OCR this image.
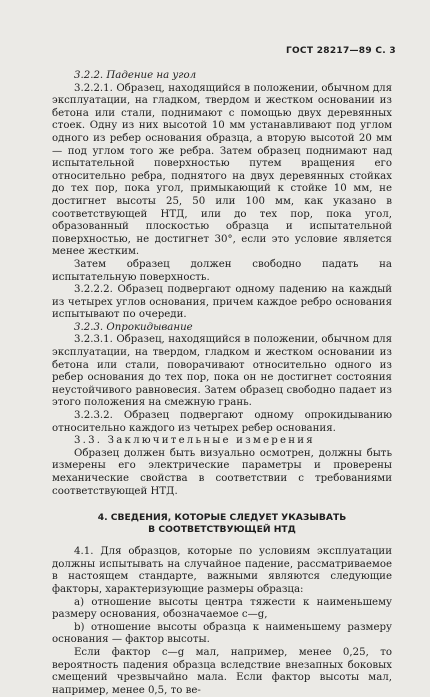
ГОСТ 28217—89 С. 3

3.2.2. Падение на угол

3.2.2.1. Образец, находящийся в положении, обычном для эксплуатации, на гладком, твердом и жестком основании из бетона или стали, поднимают с помощью двух деревянных стоек. Одну из них высотой 10 мм устанавливают под углом одного из ребер основания образца, а вторую высотой 20 мм — под углом того же ребра. Затем образец поднимают над испытательной поверхностью путем вращения его относительно ребра, поднятого на двух деревянных стойках до тех пор, пока угол, примыкающий к стойке 10 мм, не достигнет высоты 25, 50 или 100 мм, как указано в соответствующей НТД, или до тех пор, пока угол, образованный плоскостью образца и испытательной поверхностью, не достигнет 30°, если это условие является менее жестким.

Затем образец должен свободно падать на испытательную поверхность.

3.2.2.2. Образец подвергают одному падению на каждый из четырех углов основания, причем каждое ребро основания испытывают по очереди.

3.2.3. Опрокидывание

3.2.3.1. Образец, находящийся в положении, обычном для эксплуатации, на твердом, гладком и жестком основании из бетона или стали, поворачивают относительно одного из ребер основания до тех пор, пока он не достигнет состояния неустойчивого равновесия. Затем образец свободно падает из этого положения на смежную грань.

3.2.3.2. Образец подвергают одному опрокидыванию относительно каждого из четырех ребер основания.

3.3. Заключительные измерения

Образец должен быть визуально осмотрен, должны быть измерены его электрические параметры и проверены механические свойства в соответствии с требованиями соответствующей НТД.

4. СВЕДЕНИЯ, КОТОРЫЕ СЛЕДУЕТ УКАЗЫВАТЬ
В СООТВЕТСТВУЮЩЕЙ НТД

4.1. Для образцов, которые по условиям эксплуатации должны испытывать на случайное падение, рассматриваемое в настоящем стандарте, важными являются следующие факторы, характеризующие размеры образца:

а) отношение высоты центра тяжести к наименьшему размеру основания, обозначаемое c—g,

b) отношение высоты образца к наименьшему размеру основания — фактор высоты.

Если фактор c—g мал, например, менее 0,25, то вероятность падения образца вследствие внезапных боковых смещений чрезвычайно мала. Если фактор высоты мал, например, менее 0,5, то ве-
